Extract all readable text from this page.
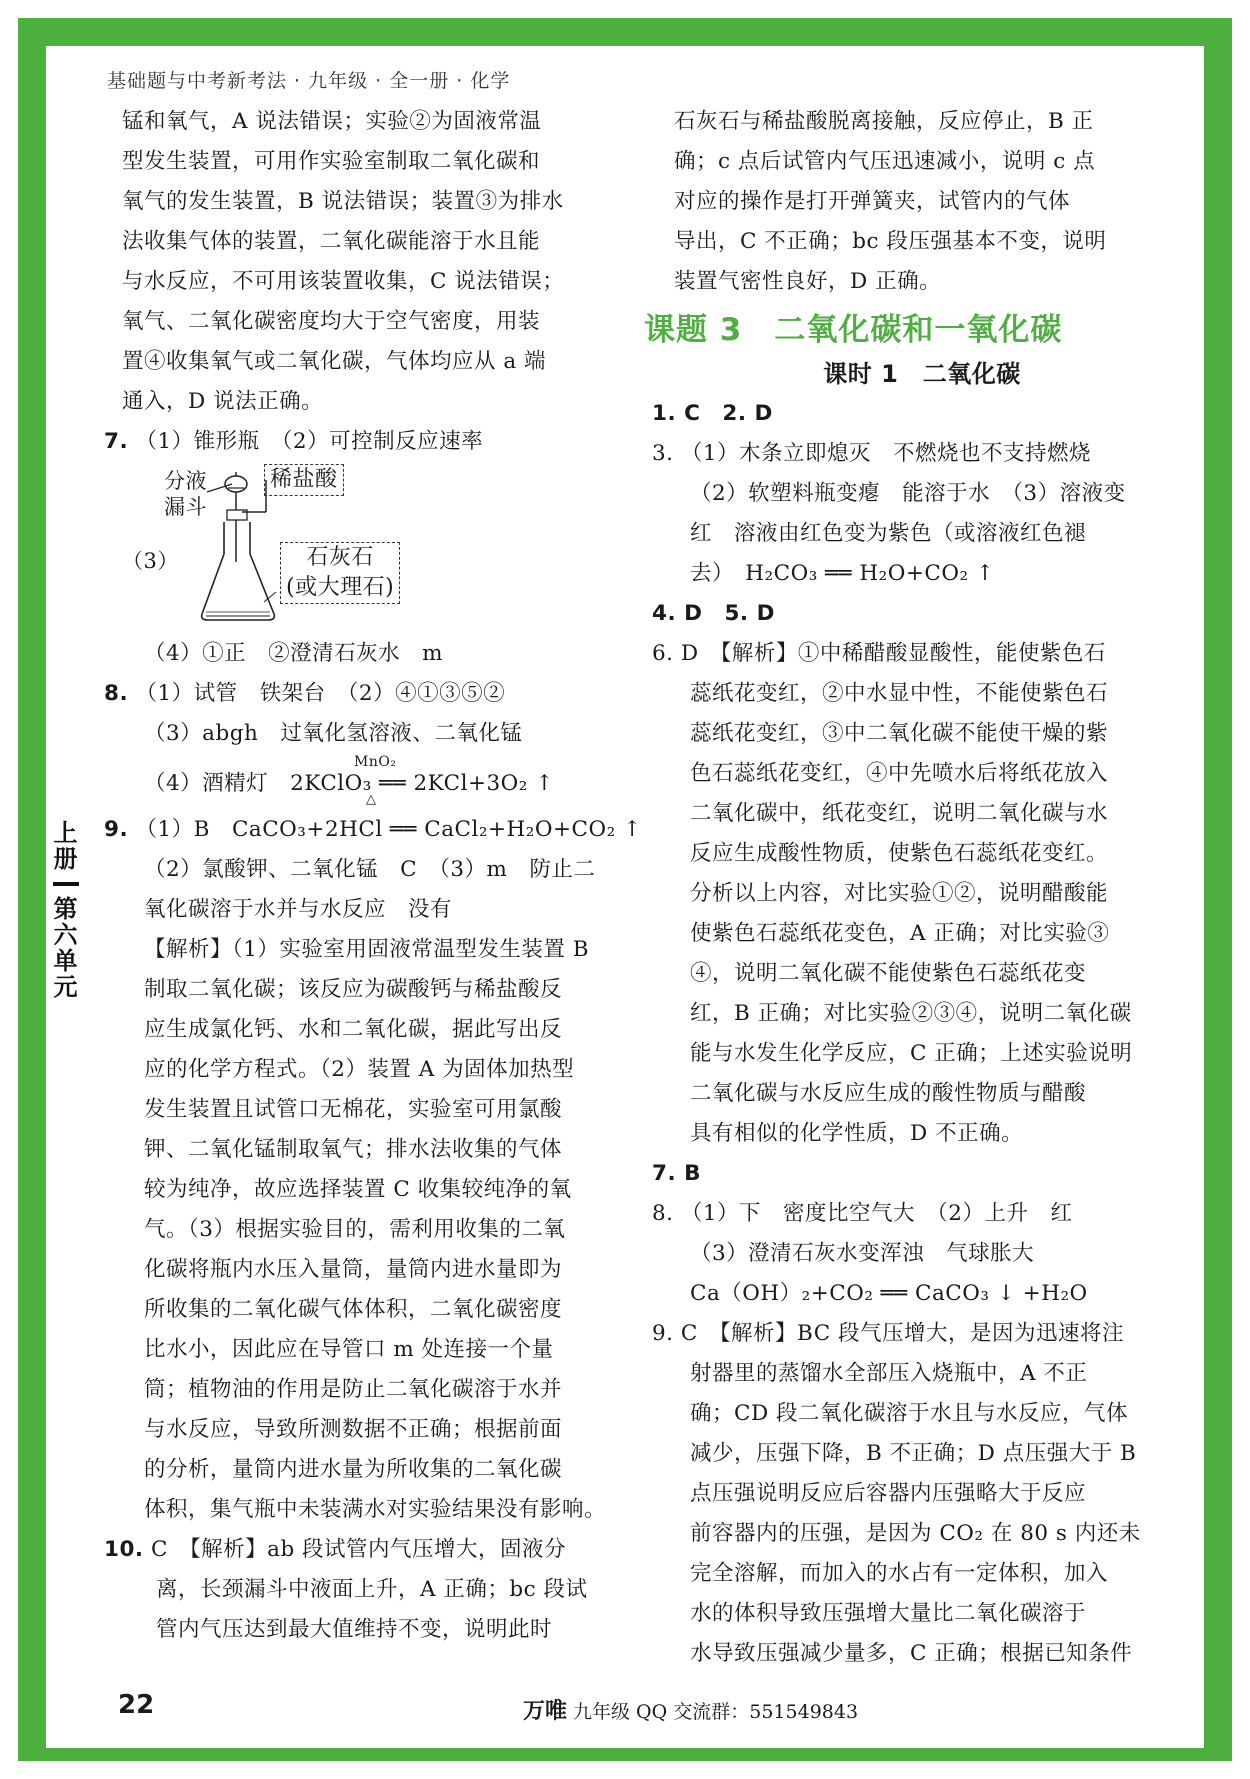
基础题与中考新考法 · 九年级 · 全一册 · 化学
上册
第六单元

锰和氧气，A 说法错误；实验②为固液常温

型发生装置，可用作实验室制取二氧化碳和

氧气的发生装置，B 说法错误；装置③为排水

法收集气体的装置，二氧化碳能溶于水且能

与水反应，不可用该装置收集，C 说法错误；

氧气、二氧化碳密度均大于空气密度，用装

置④收集氧气或二氧化碳，气体均应从 a 端

通入，D 说法正确。

7. （1）锥形瓶　（2）可控制反应速率

（3）
分液
漏斗
稀盐酸
石灰石
(或大理石)

（4）①正　②澄清石灰水　m

8. （1）试管　铁架台　（2）④①③⑤②

（3）abgh　过氧化氢溶液、二氧化锰

（4）酒精灯　2KClO₃ ══ 2KCl+3O₂ ↑
MnO₂
△

9. （1）B　CaCO₃+2HCl ══ CaCl₂+H₂O+CO₂ ↑

（2）氯酸钾、二氧化锰　C　（3）m　防止二

氧化碳溶于水并与水反应　没有

【解析】（1）实验室用固液常温型发生装置 B

制取二氧化碳；该反应为碳酸钙与稀盐酸反

应生成氯化钙、水和二氧化碳，据此写出反

应的化学方程式。（2）装置 A 为固体加热型

发生装置且试管口无棉花，实验室可用氯酸

钾、二氧化锰制取氧气；排水法收集的气体

较为纯净，故应选择装置 C 收集较纯净的氧

气。（3）根据实验目的，需利用收集的二氧

化碳将瓶内水压入量筒，量筒内进水量即为

所收集的二氧化碳气体体积，二氧化碳密度

比水小，因此应在导管口 m 处连接一个量

筒；植物油的作用是防止二氧化碳溶于水并

与水反应，导致所测数据不正确；根据前面

的分析，量筒内进水量为所收集的二氧化碳

体积，集气瓶中未装满水对实验结果没有影响。

10. C　【解析】ab 段试管内气压增大，固液分

离，长颈漏斗中液面上升，A 正确；bc 段试

管内气压达到最大值维持不变，说明此时

石灰石与稀盐酸脱离接触，反应停止，B 正

确；c 点后试管内气压迅速减小，说明 c 点

对应的操作是打开弹簧夹，试管内的气体

导出，C 不正确；bc 段压强基本不变，说明

装置气密性良好，D 正确。

课题 3　二氧化碳和一氧化碳
课时 1　二氧化碳

1. C　2. D

3. （1）木条立即熄灭　不燃烧也不支持燃烧

（2）软塑料瓶变瘪　能溶于水　（3）溶液变

红　溶液由红色变为紫色（或溶液红色褪

去）　H₂CO₃ ══ H₂O+CO₂ ↑

4. D　5. D

6. D　【解析】①中稀醋酸显酸性，能使紫色石

蕊纸花变红，②中水显中性，不能使紫色石

蕊纸花变红，③中二氧化碳不能使干燥的紫

色石蕊纸花变红，④中先喷水后将纸花放入

二氧化碳中，纸花变红，说明二氧化碳与水

反应生成酸性物质，使紫色石蕊纸花变红。

分析以上内容，对比实验①②，说明醋酸能

使紫色石蕊纸花变色，A 正确；对比实验③

④，说明二氧化碳不能使紫色石蕊纸花变

红，B 正确；对比实验②③④，说明二氧化碳

能与水发生化学反应，C 正确；上述实验说明

二氧化碳与水反应生成的酸性物质与醋酸

具有相似的化学性质，D 不正确。

7. B

8. （1）下　密度比空气大　（2）上升　红

（3）澄清石灰水变浑浊　气球胀大

Ca（OH）₂+CO₂ ══ CaCO₃ ↓ +H₂O

9. C　【解析】BC 段气压增大，是因为迅速将注

射器里的蒸馏水全部压入烧瓶中，A 不正

确；CD 段二氧化碳溶于水且与水反应，气体

减少，压强下降，B 不正确；D 点压强大于 B

点压强说明反应后容器内压强略大于反应

前容器内的压强，是因为 CO₂ 在 80 s 内还未

完全溶解，而加入的水占有一定体积，加入

水的体积导致压强增大量比二氧化碳溶于

水导致压强减少量多，C 正确；根据已知条件

22	万唯 九年级 QQ 交流群：551549843
